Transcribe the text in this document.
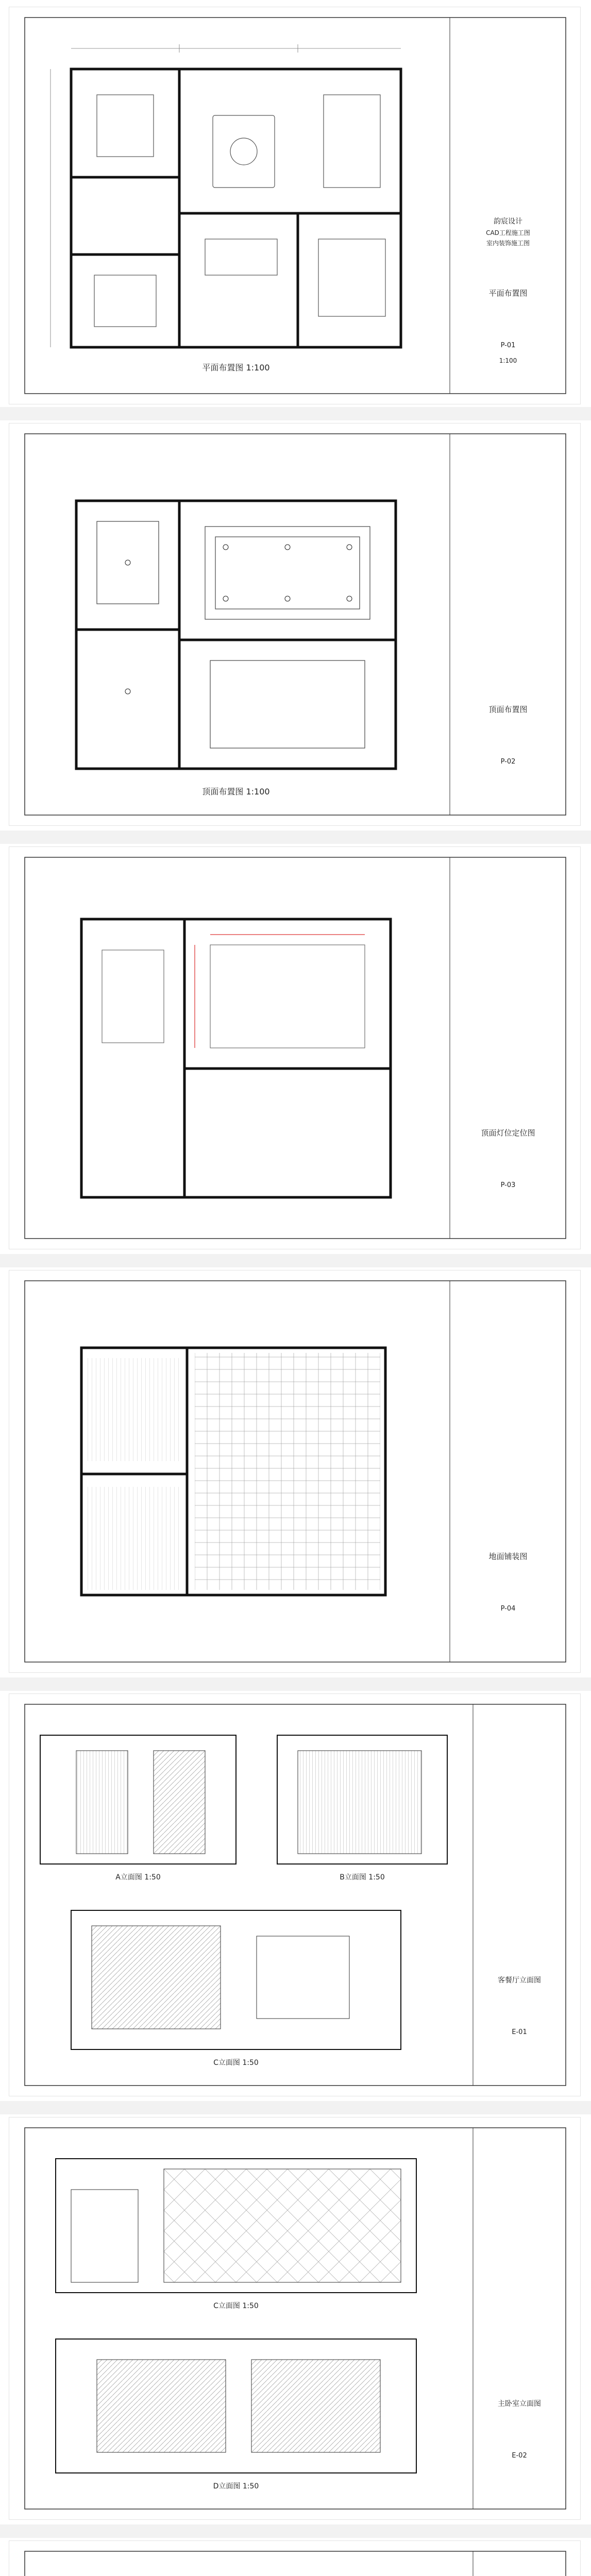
平面布置图 1:100
韵宸设计
CAD工程施工图
室内装饰施工图
平面布置图
P-01
1:100
顶面布置图 1:100
顶面布置图
P-02
顶面灯位定位图
P-03
地面铺装图
P-04
A立面图 1:50	B立面图 1:50
C立面图 1:50
客餐厅立面图
E-01
C立面图 1:50
D立面图 1:50
主卧室立面图
E-02
